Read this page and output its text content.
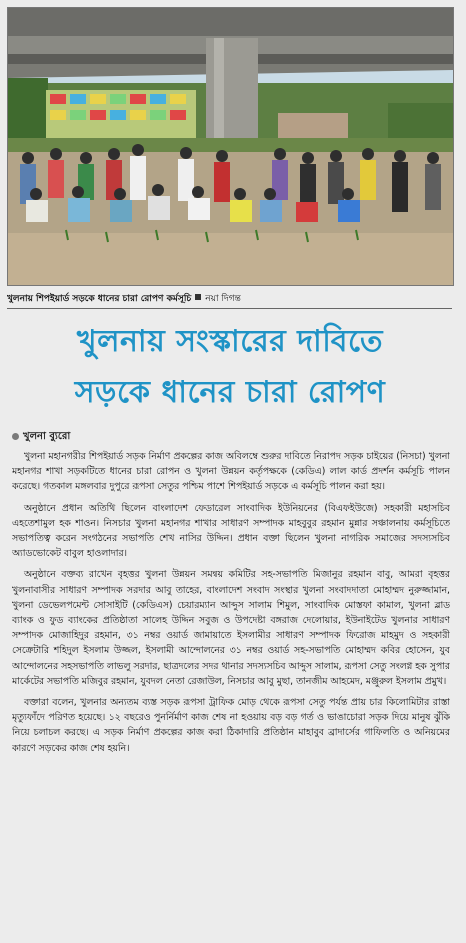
খুলনায় শিপইয়ার্ড সড়কে ধানের চারা রোপণ কর্মসূচি নয়া দিগন্ত
খুলনায় সংস্কারের দাবিতে
সড়কে ধানের চারা রোপণ
খুলনা ব্যুরো

খুলনা মহানগরীর শিপইয়ার্ড সড়ক নির্মাণ প্রকল্পের কাজ অবিলম্বে শুরুর দাবিতে নিরাপদ সড়ক চাইয়ের (নিসচা) খুলনা মহানগর শাখা সড়কটিতে ধানের চারা রোপন ও খুলনা উন্নয়ন কর্তৃপক্ষকে (কেডিএ) লাল কার্ড প্রদর্শন কর্মসূচি পালন করেছে। গতকাল মঙ্গলবার দুপুরে রূপসা সেতুর পশ্চিম পাশে শিপইয়ার্ড সড়কে এ কর্মসূচি পালন করা হয়।

অনুষ্ঠানে প্রধান অতিথি ছিলেন বাংলাদেশ ফেডারেল সাংবাদিক ইউনিয়নের (বিএফইউজে) সহকারী মহাসচিব এহতেশামুল হক শাওন। নিসচার খুলনা মহানগর শাখার সাধারণ সম্পাদক মাহবুবুর রহমান মুন্নার সঞ্চালনায় কর্মসূচিতে সভাপতিত্ব করেন সংগঠনের সভাপতি শেখ নাসির উদ্দিন। প্রধান বক্তা ছিলেন খুলনা নাগরিক সমাজের সদস্যসচিব অ্যাডভোকেট বাবুল হাওলাদার।

অনুষ্ঠানে বক্তব্য রাখেন বৃহত্তর খুলনা উন্নয়ন সমন্বয় কমিটির সহ-সভাপতি মিজানুর রহমান বাবু, আমরা বৃহত্তর খুলনাবাসীর সাধারণ সম্পাদক সরদার আবু তাহের, বাংলাদেশ সংবাদ সংস্থার খুলনা সংবাদদাতা মোহাম্মদ নুরুজ্জামান, খুলনা ডেভেলপমেন্ট সোসাইটি (কেডিএস) চেয়ারম্যান আব্দুস সালাম শিমুল, সাংবাদিক মোস্তফা কামাল, খুলনা ব্লাড ব্যাংক ও ফুড ব্যাংকের প্রতিষ্ঠাতা সালেহ উদ্দিন সবুজ ও উপদেষ্টা বঙ্গরাজ দেলোয়ার, ইউনাইটেড খুলনার সাধারণ সম্পাদক মোজাহিদুর রহমান, ৩১ নম্বর ওয়ার্ড জামায়াতে ইসলামীর সাধারণ সম্পাদক ফিরোজ মাহমুদ ও সহকারী সেক্রেটারি শহিদুল ইসলাম উজ্জল, ইসলামী আন্দোলনের ৩১ নম্বর ওয়ার্ড সহ-সভাপতি মোহাম্মদ কবির হোসেন, যুব আন্দোলনের সহসভাপতি লাভলু সরদার, ছাত্রদলের সদর থানার সদস্যসচিব আব্দুস সালাম, রূপসা সেতু সংলগ্ন হক সুপার মার্কেটের সভাপতি মজিবুর রহমান, যুবদল নেতা রেজাউল, নিসচার আবু মুছা, তানজীম আহমেদ, মঞ্জুরুল ইসলাম প্রমুখ।

বক্তারা বলেন, খুলনার অন্যতম ব্যস্ত সড়ক রূপসা ট্রাফিক মোড় থেকে রূপসা সেতু পর্যন্ত প্রায় চার কিলোমিটার রাস্তা মৃত্যুফাঁদে পরিণত হয়েছে। ১২ বছরেও পুনর্নির্মাণ কাজ শেষ না হওয়ায় বড় বড় গর্ত ও ভাঙাচোরা সড়ক দিয়ে মানুষ ঝুঁকি নিয়ে চলাচল করছে। এ সড়ক নির্মাণ প্রকল্পের কাজ করা ঠিকাদারি প্রতিষ্ঠান মাহাবুব ব্রাদার্সের গাফিলতি ও অনিয়মের কারণে সড়কের কাজ শেষ হয়নি।
